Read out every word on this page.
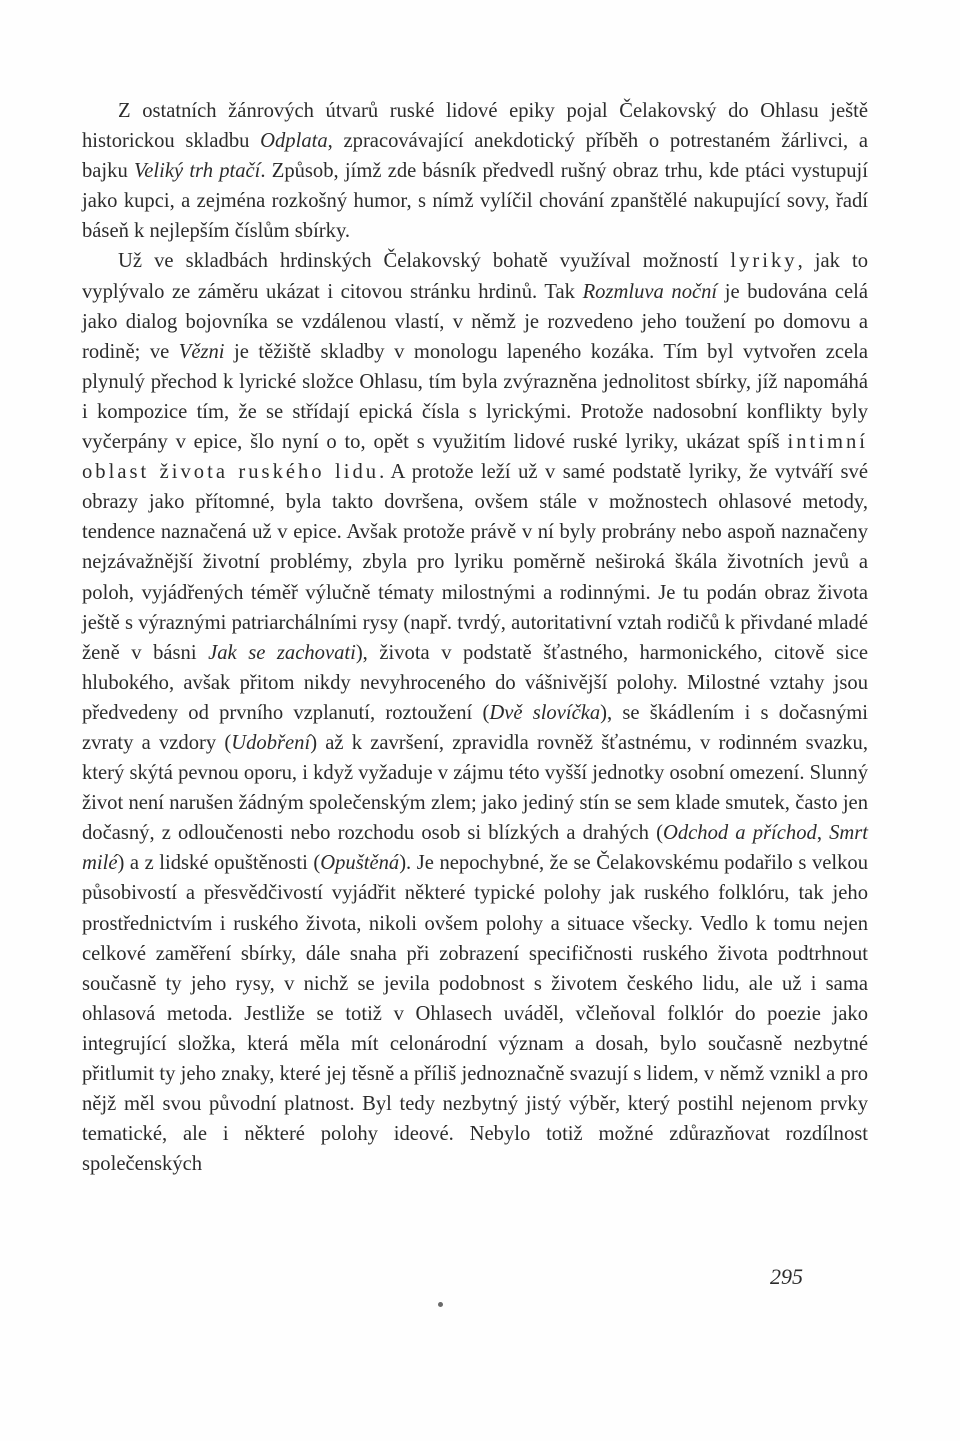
Z ostatních žánrových útvarů ruské lidové epiky pojal Čelakovský do Ohlasu ještě historickou skladbu Odplata, zpracovávající anekdotický příběh o potrestaném žárlivci, a bajku Veliký trh ptačí. Způsob, jímž zde básník předvedl rušný obraz trhu, kde ptáci vystupují jako kupci, a zejména rozkošný humor, s nímž vylíčil chování zpanštělé nakupující sovy, řadí báseň k nejlepším číslům sbírky.

Už ve skladbách hrdinských Čelakovský bohatě využíval možností lyriky, jak to vyplývalo ze záměru ukázat i citovou stránku hrdinů. Tak Rozmluva noční je budována celá jako dialog bojovníka se vzdálenou vlastí, v němž je rozvedeno jeho toužení po domovu a rodině; ve Vězni je těžiště skladby v monologu lapeného kozáka. Tím byl vytvořen zcela plynulý přechod k lyrické složce Ohlasu, tím byla zvýrazněna jednolitost sbírky, jíž napomáhá i kompozice tím, že se střídají epická čísla s lyrickými. Protože nadosobní konflikty byly vyčerpány v epice, šlo nyní o to, opět s využitím lidové ruské lyriky, ukázat spíš intimní oblast života ruského lidu. A protože leží už v samé podstatě lyriky, že vytváří své obrazy jako přítomné, byla takto dovršena, ovšem stále v možnostech ohlasové metody, tendence naznačená už v epice. Avšak protože právě v ní byly probrány nebo aspoň naznačeny nejzávažnější životní problémy, zbyla pro lyriku poměrně neširoká škála životních jevů a poloh, vyjádřených téměř výlučně tématy milostnými a rodinnými. Je tu podán obraz života ještě s výraznými patriarchálními rysy (např. tvrdý, autoritativní vztah rodičů k přivdané mladé ženě v básni Jak se zachovati), života v podstatě šťastného, harmonického, citově sice hlubokého, avšak přitom nikdy nevyhroceného do vášnivější polohy. Milostné vztahy jsou předvedeny od prvního vzplanutí, roztoužení (Dvě slovíčka), se škádlením i s dočasnými zvraty a vzdory (Udobření) až k završení, zpravidla rovněž šťastnému, v rodinném svazku, který skýtá pevnou oporu, i když vyžaduje v zájmu této vyšší jednotky osobní omezení. Slunný život není narušen žádným společenským zlem; jako jediný stín se sem klade smutek, často jen dočasný, z odloučenosti nebo rozchodu osob si blízkých a drahých (Odchod a příchod, Smrt milé) a z lidské opuštěnosti (Opuštěná). Je nepochybné, že se Čelakovskému podařilo s velkou působivostí a přesvědčivostí vyjádřit některé typické polohy jak ruského folklóru, tak jeho prostřednictvím i ruského života, nikoli ovšem polohy a situace všecky. Vedlo k tomu nejen celkové zaměření sbírky, dále snaha při zobrazení specifičnosti ruského života podtrhnout současně ty jeho rysy, v nichž se jevila podobnost s životem českého lidu, ale už i sama ohlasová metoda. Jestliže se totiž v Ohlasech uváděl, včleňoval folklór do poezie jako integrující složka, která měla mít celonárodní význam a dosah, bylo současně nezbytné přitlumit ty jeho znaky, které jej těsně a příliš jednoznačně svazují s lidem, v němž vznikl a pro nějž měl svou původní platnost. Byl tedy nezbytný jistý výběr, který postihl nejenom prvky tematické, ale i některé polohy ideové. Nebylo totiž možné zdůrazňovat rozdílnost společenských

295
